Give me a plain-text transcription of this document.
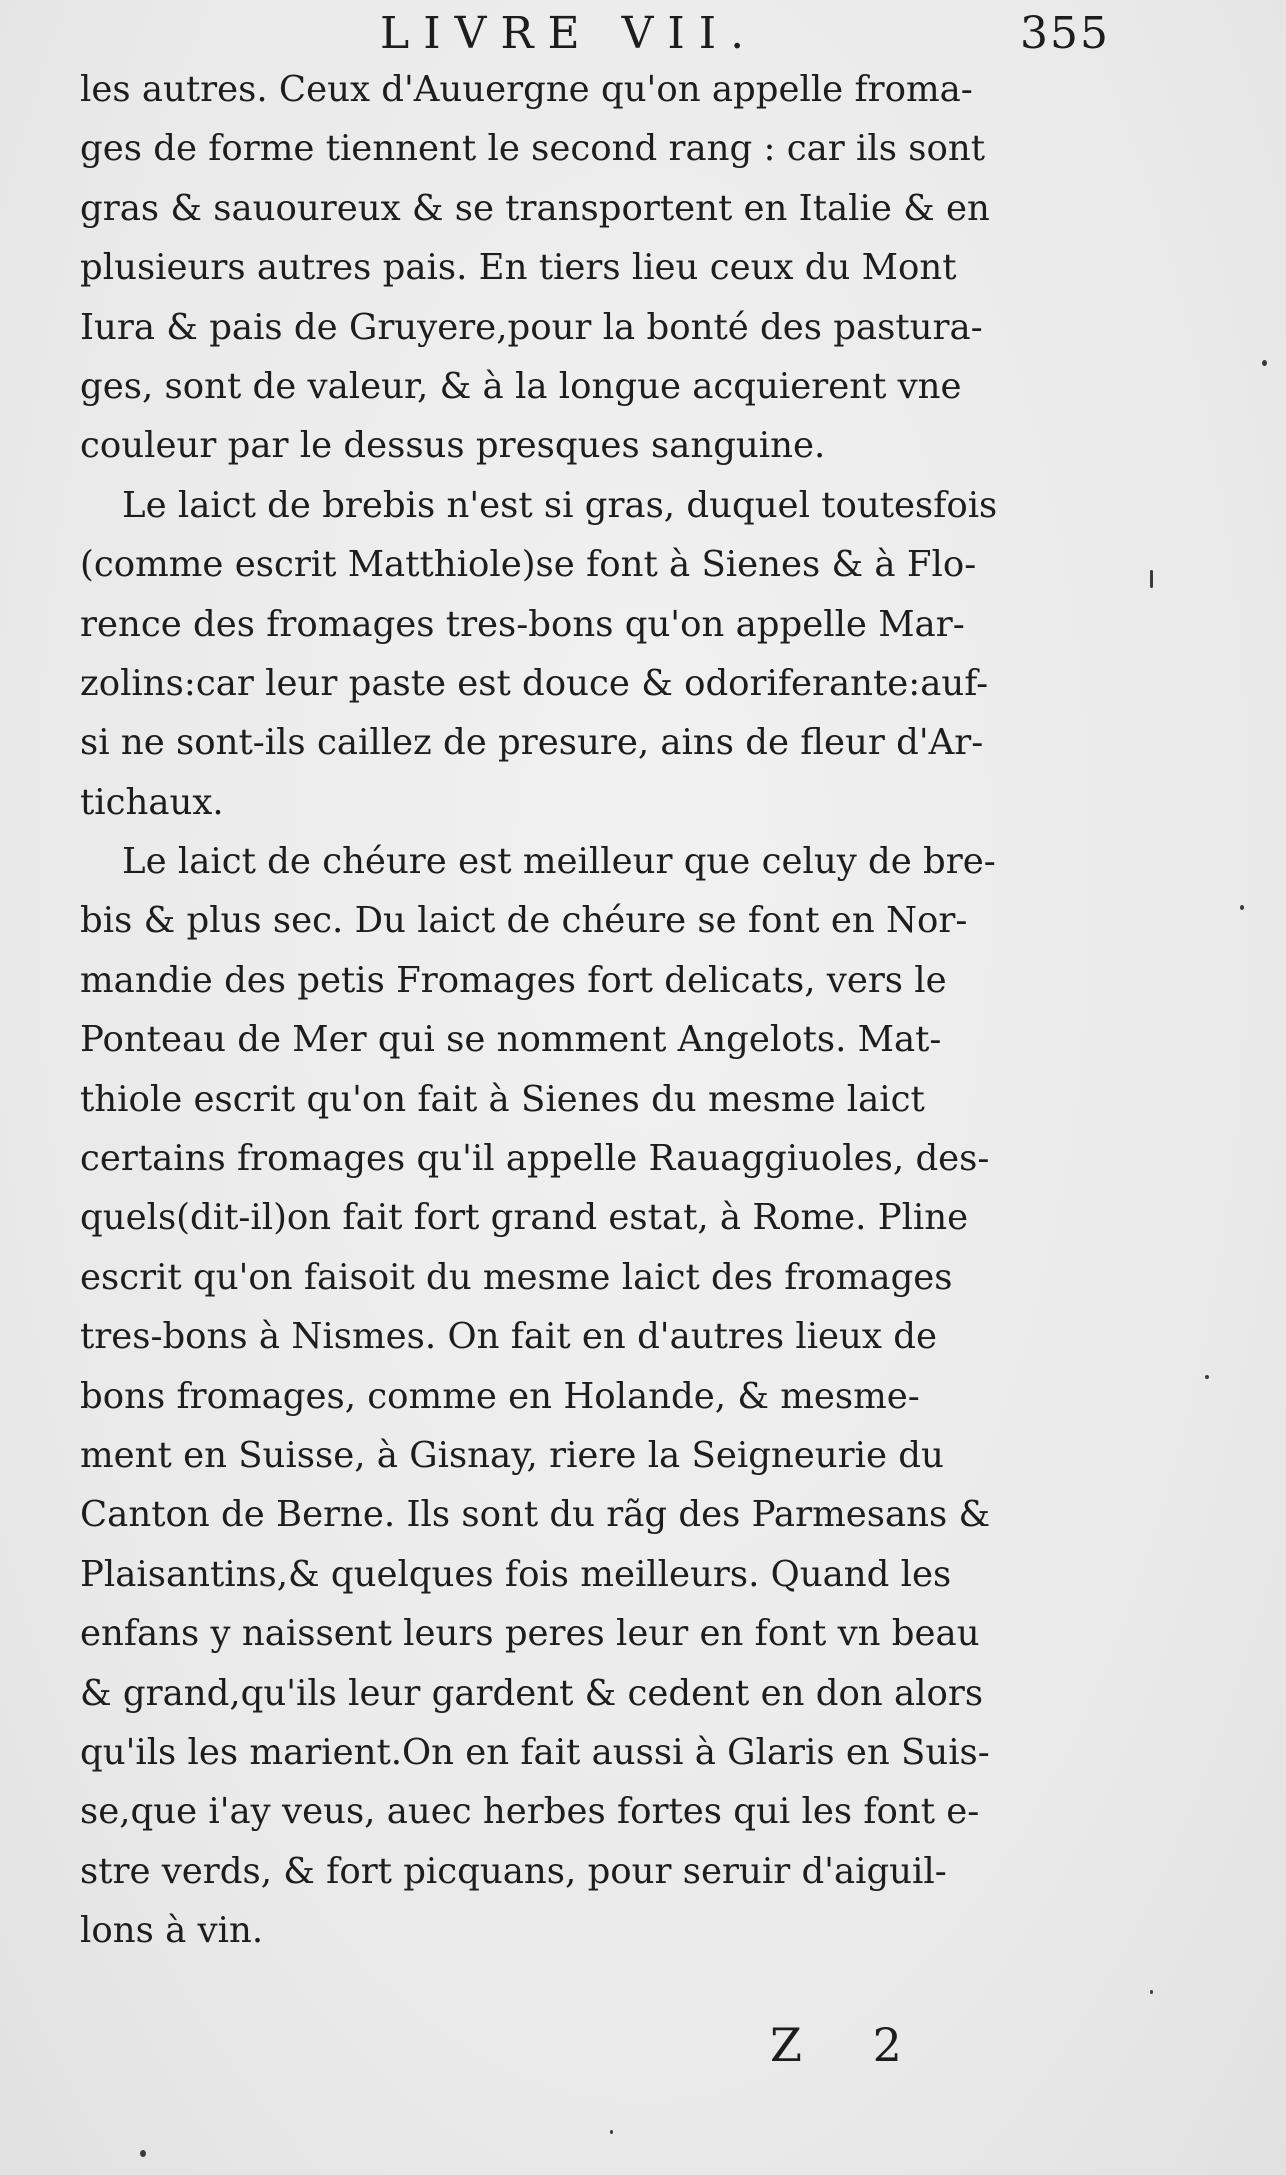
LIVRE VII.	355

les autres. Ceux d'Auuergne qu'on appelle froma-
ges de forme tiennent le second rang : car ils sont
gras & sauoureux & se transportent en Italie & en
plusieurs autres pais. En tiers lieu ceux du Mont
Iura & pais de Gruyere,pour la bonté des pastura-
ges, sont de valeur, & à la longue acquierent vne
couleur par le dessus presques sanguine.

Le laict de brebis n'est si gras, duquel toutesfois
(comme escrit Matthiole)se font à Sienes & à Flo-
rence des fromages tres-bons qu'on appelle Mar-
zolins:car leur paste est douce & odoriferante:auf-
si ne sont-ils caillez de presure, ains de fleur d'Ar-
tichaux.

Le laict de chéure est meilleur que celuy de bre-
bis & plus sec. Du laict de chéure se font en Nor-
mandie des petis Fromages fort delicats, vers le
Ponteau de Mer qui se nomment Angelots. Mat-
thiole escrit qu'on fait à Sienes du mesme laict
certains fromages qu'il appelle Rauaggiuoles, des-
quels(dit-il)on fait fort grand estat, à Rome. Pline
escrit qu'on faisoit du mesme laict des fromages
tres-bons à Nismes. On fait en d'autres lieux de
bons fromages, comme en Holande, & mesme-
ment en Suisse, à Gisnay, riere la Seigneurie du
Canton de Berne. Ils sont du rãg des Parmesans &
Plaisantins,& quelques fois meilleurs. Quand les
enfans y naissent leurs peres leur en font vn beau
& grand,qu'ils leur gardent & cedent en don alors
qu'ils les marient.On en fait aussi à Glaris en Suis-
se,que i'ay veus, auec herbes fortes qui les font e-
stre verds, & fort picquans, pour seruir d'aiguil-
lons à vin.

Z 2
